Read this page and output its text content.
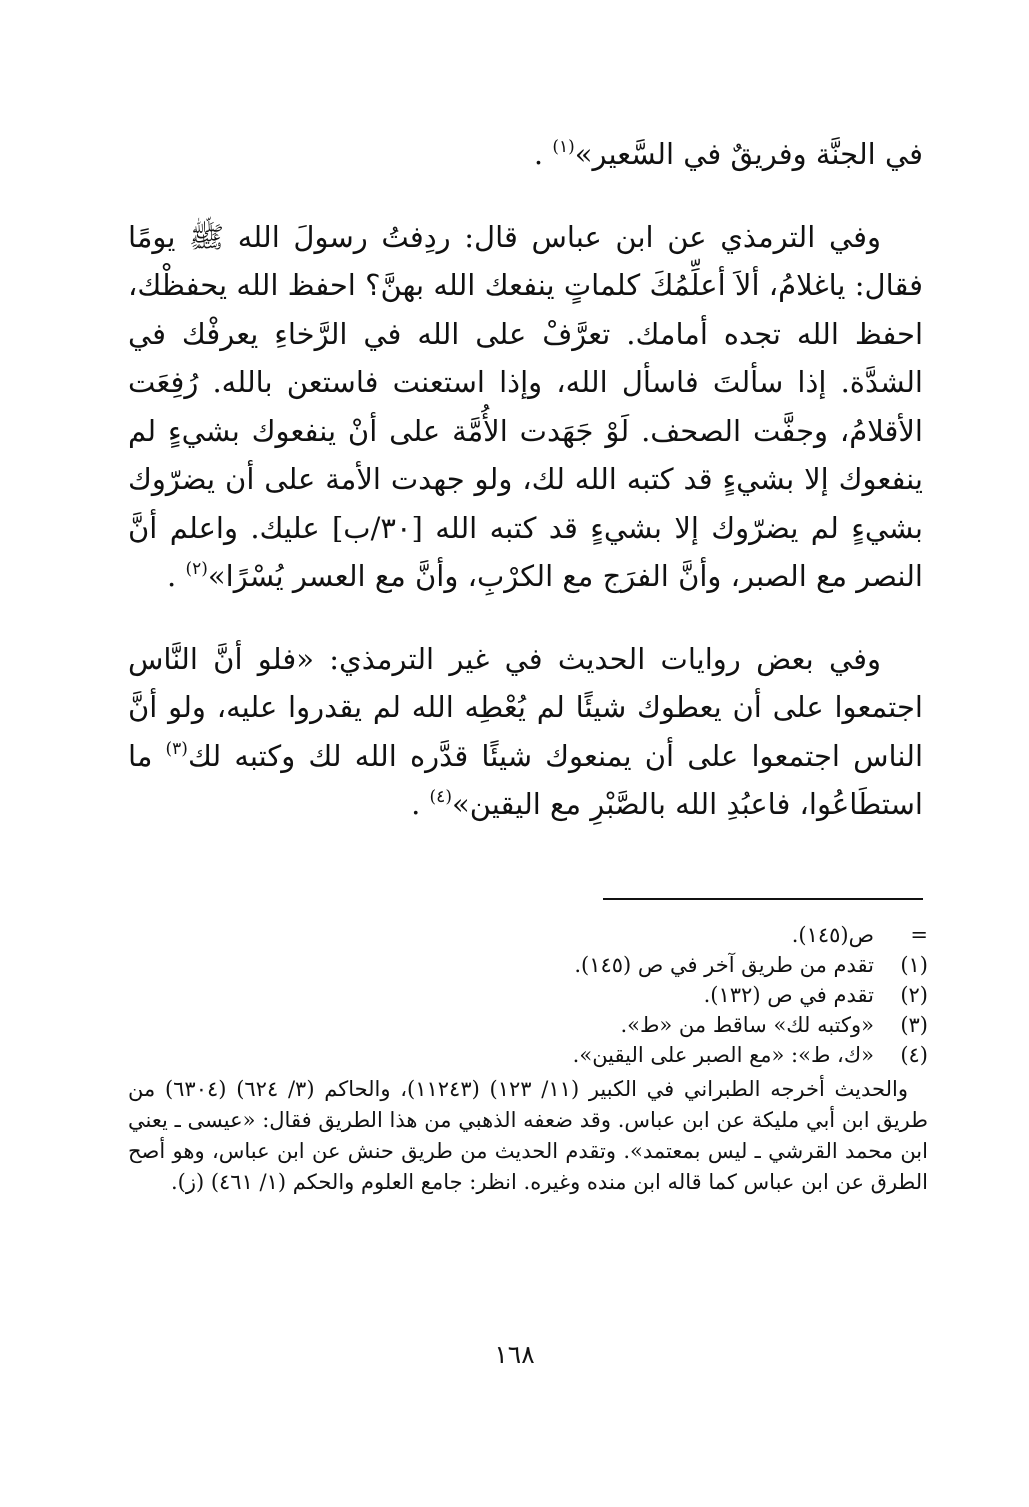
في الجنَّة وفريقٌ في السَّعير»$^{(١)}$ .

وفي الترمذي عن ابن عباس قال: ردِفتُ رسولَ الله ﷺ يومًا فقال: ياغلامُ، ألاَ أعلِّمُكَ كلماتٍ ينفعك الله بهنَّ؟ احفظ الله يحفظْك، احفظ الله تجده أمامك. تعرَّفْ على الله في الرَّخاءِ يعرفْك في الشدَّة. إذا سألتَ فاسأل الله، وإذا استعنت فاستعن بالله. رُفِعَت الأقلامُ، وجفَّت الصحف. لَوْ جَهَدت الأُمَّة على أنْ ينفعوك بشيءٍ لم ينفعوك إلا بشيءٍ قد كتبه الله لك، ولو جهدت الأمة على أن يضرّوك بشيءٍ لم يضرّوك إلا بشيءٍ قد كتبه الله [٣٠/ب] عليك. واعلم أنَّ النصر مع الصبر، وأنَّ الفرَج مع الكرْبِ، وأنَّ مع العسر يُسْرًا»$^{(٢)}$ .

وفي بعض روايات الحديث في غير الترمذي: «فلو أنَّ النَّاس اجتمعوا على أن يعطوك شيئًا لم يُعْطِه الله لم يقدروا عليه، ولو أنَّ الناس اجتمعوا على أن يمنعوك شيئًا قدَّره الله لك وكتبه لك$^{(٣)}$ ما استطَاعُوا، فاعبُدِ الله بالصَّبْرِ مع اليقين»$^{(٤)}$ .

=
ص(١٤٥).
(١)
تقدم من طريق آخر في ص (١٤٥).
(٢)
تقدم في ص (١٣٢).
(٣)
«وكتبه لك» ساقط من «ط».
(٤)
«ك، ط»: «مع الصبر على اليقين».
والحديث أخرجه الطبراني في الكبير (١١/ ١٢٣) (١١٢٤٣)، والحاكم (٣/ ٦٢٤) (٦٣٠٤) من طريق ابن أبي مليكة عن ابن عباس. وقد ضعفه الذهبي من هذا الطريق فقال: «عيسى ـ يعني ابن محمد القرشي ـ ليس بمعتمد». وتقدم الحديث من طريق حنش عن ابن عباس، وهو أصح الطرق عن ابن عباس كما قاله ابن منده وغيره. انظر: جامع العلوم والحكم (١/ ٤٦١) (ز).
١٦٨
